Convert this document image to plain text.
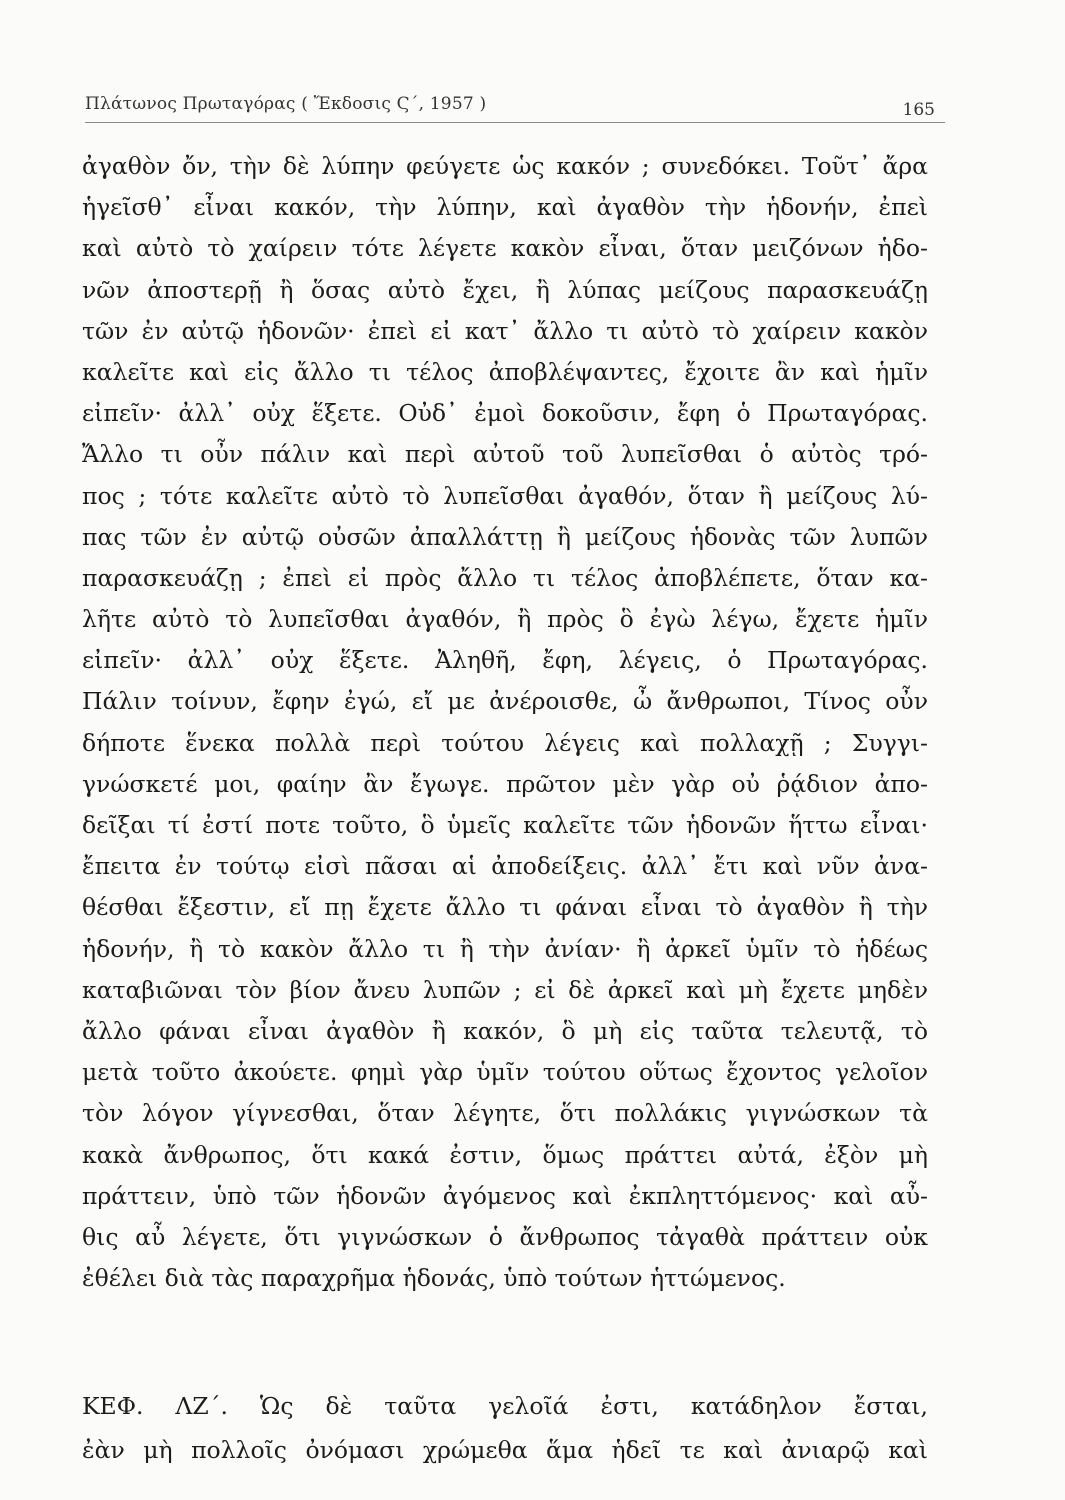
Πλάτωνος Πρωταγόρας ( Ἔκδοσις Ϛ΄, 1957 )	165
ἀγαθὸν ὄν, τὴν δὲ λύπην φεύγετε ὡς κακόν ; συνεδόκει. Τοῦτ᾽ ἄρα
ἡγεῖσθ᾽ εἶναι κακόν, τὴν λύπην, καὶ ἀγαθὸν τὴν ἡδονήν, ἐπεὶ
καὶ αὐτὸ τὸ χαίρειν τότε λέγετε κακὸν εἶναι, ὅταν μειζόνων ἡδο-
νῶν ἀποστερῇ ἢ ὅσας αὐτὸ ἔχει, ἢ λύπας μείζους παρασκευάζῃ
τῶν ἐν αὐτῷ ἡδονῶν· ἐπεὶ εἰ κατ᾽ ἄλλο τι αὐτὸ τὸ χαίρειν κακὸν
καλεῖτε καὶ εἰς ἄλλο τι τέλος ἀποβλέψαντες, ἔχοιτε ἂν καὶ ἡμῖν
εἰπεῖν· ἀλλ᾽ οὐχ ἕξετε. Οὐδ᾽ ἐμοὶ δοκοῦσιν, ἔφη ὁ Πρωταγόρας.
Ἄλλο τι οὖν πάλιν καὶ περὶ αὐτοῦ τοῦ λυπεῖσθαι ὁ αὐτὸς τρό-
πος ; τότε καλεῖτε αὐτὸ τὸ λυπεῖσθαι ἀγαθόν, ὅταν ἢ μείζους λύ-
πας τῶν ἐν αὐτῷ οὐσῶν ἀπαλλάττῃ ἢ μείζους ἡδονὰς τῶν λυπῶν
παρασκευάζῃ ; ἐπεὶ εἰ πρὸς ἄλλο τι τέλος ἀποβλέπετε, ὅταν κα-
λῆτε αὐτὸ τὸ λυπεῖσθαι ἀγαθόν, ἢ πρὸς ὃ ἐγὼ λέγω, ἔχετε ἡμῖν
εἰπεῖν· ἀλλ᾽ οὐχ ἕξετε. Ἀληθῆ, ἔφη, λέγεις, ὁ Πρωταγόρας.
Πάλιν τοίνυν, ἔφην ἐγώ, εἴ με ἀνέροισθε, ὦ ἄνθρωποι, Τίνος οὖν
δήποτε ἕνεκα πολλὰ περὶ τούτου λέγεις καὶ πολλαχῇ ; Συγγι-
γνώσκετέ μοι, φαίην ἂν ἔγωγε. πρῶτον μὲν γὰρ οὐ ῥᾴδιον ἀπο-
δεῖξαι τί ἐστί ποτε τοῦτο, ὃ ὑμεῖς καλεῖτε τῶν ἡδονῶν ἥττω εἶναι·
ἔπειτα ἐν τούτῳ εἰσὶ πᾶσαι αἱ ἀποδείξεις. ἀλλ᾽ ἔτι καὶ νῦν ἀνα-
θέσθαι ἔξεστιν, εἴ πῃ ἔχετε ἄλλο τι φάναι εἶναι τὸ ἀγαθὸν ἢ τὴν
ἡδονήν, ἢ τὸ κακὸν ἄλλο τι ἢ τὴν ἀνίαν· ἢ ἀρκεῖ ὑμῖν τὸ ἡδέως
καταβιῶναι τὸν βίον ἄνευ λυπῶν ; εἰ δὲ ἀρκεῖ καὶ μὴ ἔχετε μηδὲν
ἄλλο φάναι εἶναι ἀγαθὸν ἢ κακόν, ὃ μὴ εἰς ταῦτα τελευτᾷ, τὸ
μετὰ τοῦτο ἀκούετε. φημὶ γὰρ ὑμῖν τούτου οὕτως ἔχοντος γελοῖον
τὸν λόγον γίγνεσθαι, ὅταν λέγητε, ὅτι πολλάκις γιγνώσκων τὰ
κακὰ ἄνθρωπος, ὅτι κακά ἐστιν, ὅμως πράττει αὐτά, ἐξὸν μὴ
πράττειν, ὑπὸ τῶν ἡδονῶν ἀγόμενος καὶ ἐκπληττόμενος· καὶ αὖ-
θις αὖ λέγετε, ὅτι γιγνώσκων ὁ ἄνθρωπος τἀγαθὰ πράττειν οὐκ
ἐθέλει διὰ τὰς παραχρῆμα ἡδονάς, ὑπὸ τούτων ἡττώμενος.
ΚΕΦ. ΛΖ΄. Ὡς δὲ ταῦτα γελοῖά ἐστι, κατάδηλον ἔσται,
ἐὰν μὴ πολλοῖς ὀνόμασι χρώμεθα ἅμα ἡδεῖ τε καὶ ἀνιαρῷ καὶ
